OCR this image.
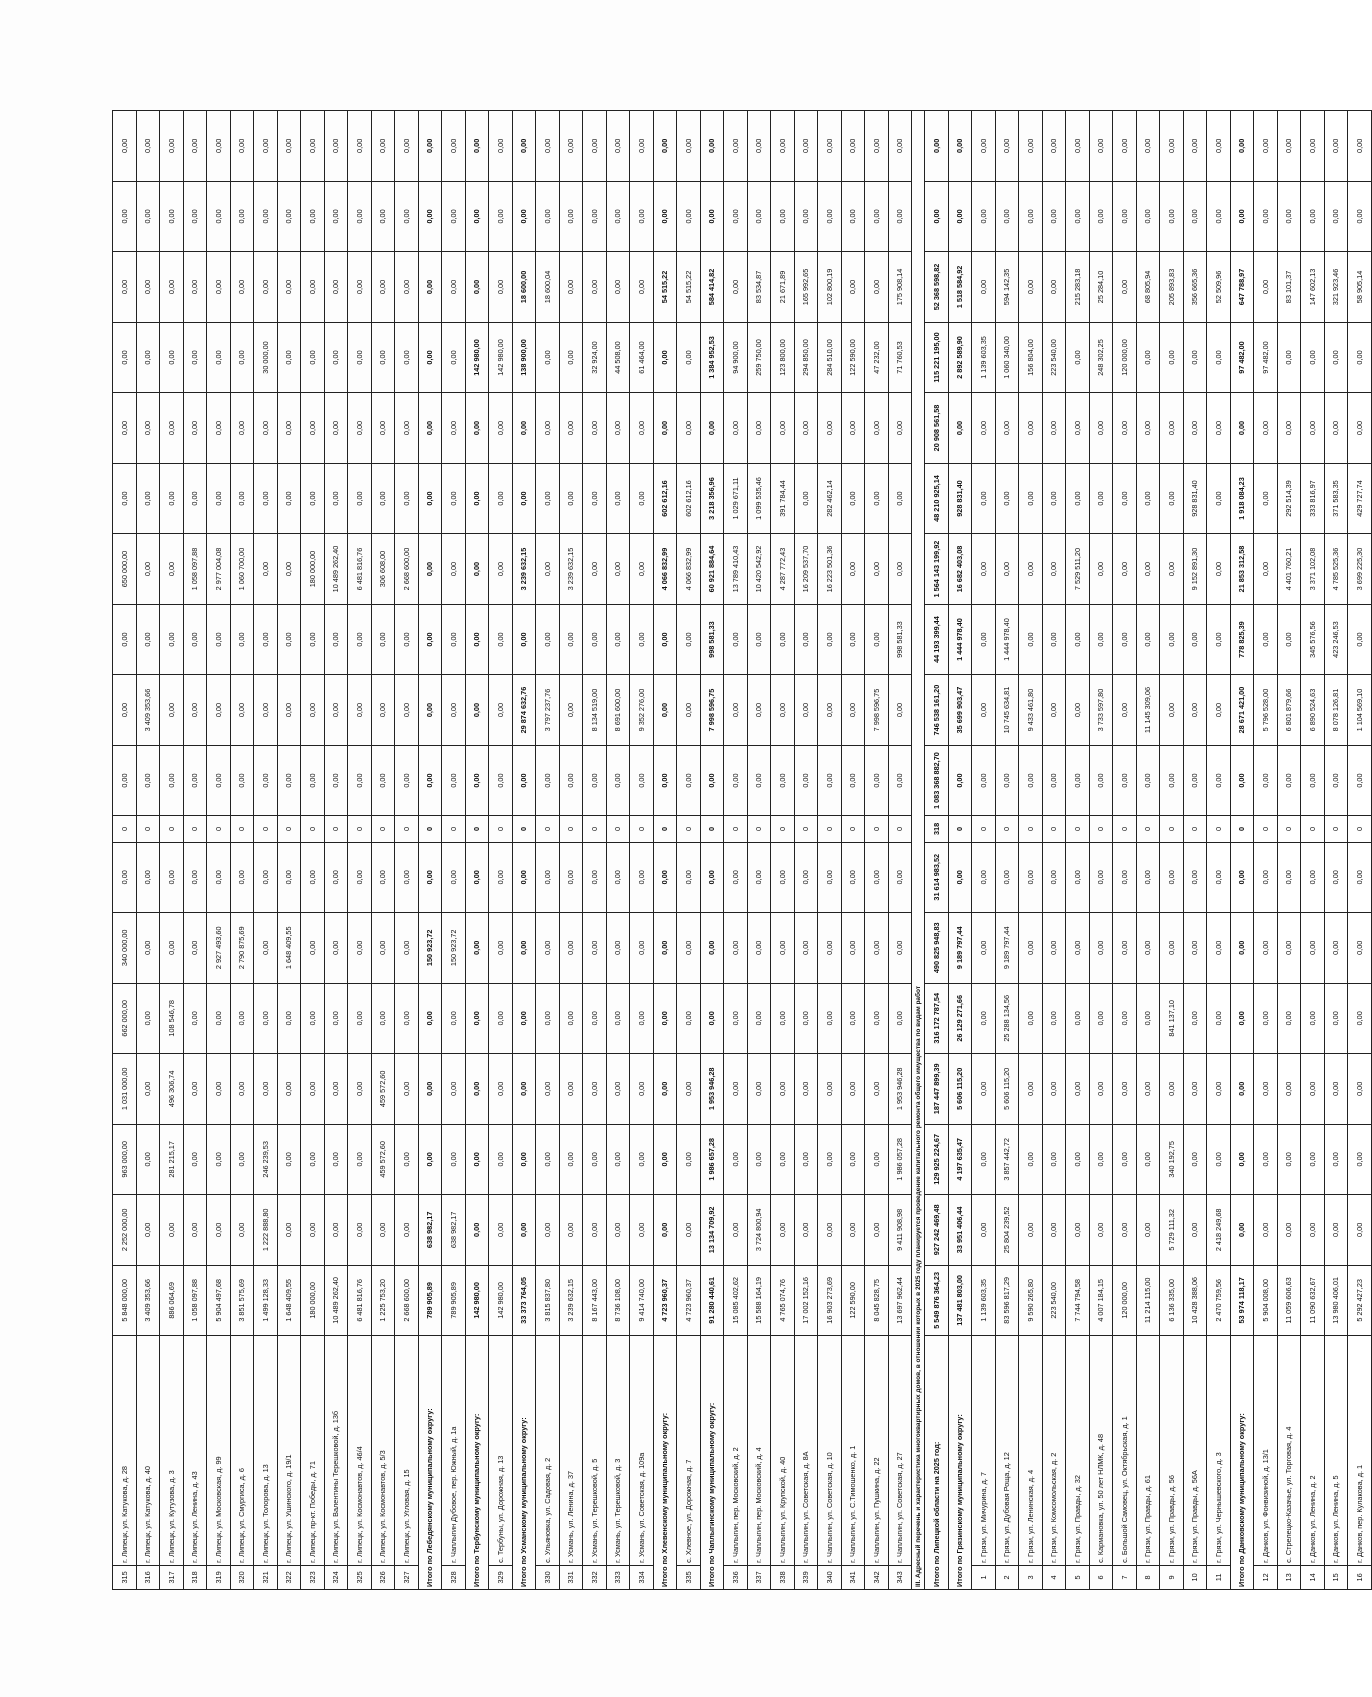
315	г. Липецк, ул. Катукова, д. 28	5 848 000,00	2 252 000,00	963 000,00	1 031 000,00	662 000,00	340 000,00	0,00	0	0,00	0,00	0,00	650 000,00	0,00	0,00	0,00	0,00	0,00	0,00
316	г. Липецк, ул. Катукова, д. 40	3 409 353,66	0,00	0,00	0,00	0,00	0,00	0,00	0	0,00	3 409 353,66	0,00	0,00	0,00	0,00	0,00	0,00	0,00	0,00
317	г. Липецк, ул. Кутузова, д. 3	886 064,69	0,00	281 215,17	496 306,74	108 546,78	0,00	0,00	0	0,00	0,00	0,00	0,00	0,00	0,00	0,00	0,00	0,00	0,00
318	г. Липецк, ул. Ленина, д. 43	1 058 097,88	0,00	0,00	0,00	0,00	0,00	0,00	0	0,00	0,00	0,00	1 058 097,88	0,00	0,00	0,00	0,00	0,00	0,00
319	г. Липецк, ул. Московская, д. 99	5 904 497,68	0,00	0,00	0,00	0,00	2 927 493,60	0,00	0	0,00	0,00	0,00	2 977 004,08	0,00	0,00	0,00	0,00	0,00	0,00
320	г. Липецк, ул. Смургиса, д. 6	3 851 575,69	0,00	0,00	0,00	0,00	2 790 875,69	0,00	0	0,00	0,00	0,00	1 060 700,00	0,00	0,00	0,00	0,00	0,00	0,00
321	г. Липецк, ул. Толорова, д. 13	1 499 128,33	1 222 888,80	246 239,53	0,00	0,00	0,00	0,00	0	0,00	0,00	0,00	0,00	0,00	0,00	30 000,00	0,00	0,00	0,00
322	г. Липецк, ул. Ушинского, д. 19/1	1 648 409,55	0,00	0,00	0,00	0,00	1 648 409,55	0,00	0	0,00	0,00	0,00	0,00	0,00	0,00	0,00	0,00	0,00	0,00
323	г. Липецк, пр-кт. Победы, д. 71	180 000,00	0,00	0,00	0,00	0,00	0,00	0,00	0	0,00	0,00	0,00	180 000,00	0,00	0,00	0,00	0,00	0,00	0,00
324	г. Липецк, ул. Валентины Терешковой, д. 13б	10 489 262,40	0,00	0,00	0,00	0,00	0,00	0,00	0	0,00	0,00	0,00	10 489 262,40	0,00	0,00	0,00	0,00	0,00	0,00
325	г. Липецк, ул. Космонавтов, д. 46/4	6 481 816,76	0,00	0,00	0,00	0,00	0,00	0,00	0	0,00	0,00	0,00	6 481 816,76	0,00	0,00	0,00	0,00	0,00	0,00
326	г. Липецк, ул. Космонавтов, д. 5/3	1 225 753,20	0,00	459 572,60	459 572,60	0,00	0,00	0,00	0	0,00	0,00	0,00	306 608,00	0,00	0,00	0,00	0,00	0,00	0,00
327	г. Липецк, ул. Угловая, д. 15	2 668 600,00	0,00	0,00	0,00	0,00	0,00	0,00	0	0,00	0,00	0,00	2 668 600,00	0,00	0,00	0,00	0,00	0,00	0,00
Итого по Лебедянскому муниципальному округу:		789 905,89	638 982,17	0,00	0,00	0,00	150 923,72	0,00	0	0,00	0,00	0,00	0,00	0,00	0,00	0,00	0,00	0,00	0,00
328	г. Чаплыгин Дубовое, пер. Южный, д. 1а	789 905,89	638 982,17	0,00	0,00	0,00	150 923,72	0,00	0	0,00	0,00	0,00	0,00	0,00	0,00	0,00	0,00	0,00	0,00
Итого по Тербунскому муниципальному округу:		142 980,00	0,00	0,00	0,00	0,00	0,00	0,00	0	0,00	0,00	0,00	0,00	0,00	0,00	142 980,00	0,00	0,00	0,00
329	с. Тербуны, ул. Дорожная, д. 13	142 980,00	0,00	0,00	0,00	0,00	0,00	0,00	0	0,00	0,00	0,00	0,00	0,00	0,00	142 980,00	0,00	0,00	0,00
Итого по Усманскому муниципальному округу:		33 373 764,05	0,00	0,00	0,00	0,00	0,00	0,00	0	0,00	29 874 632,76	0,00	3 239 632,15	0,00	0,00	138 900,00	18 600,00	0,00	0,00
330	с. Ульяновка, ул. Садовая, д. 2	3 815 837,80	0,00	0,00	0,00	0,00	0,00	0,00	0	0,00	3 797 237,76	0,00	0,00	0,00	0,00	0,00	18 600,04	0,00	0,00
331	г. Усмань, ул. Ленина, д. 37	3 239 632,15	0,00	0,00	0,00	0,00	0,00	0,00	0	0,00	0,00	0,00	3 239 632,15	0,00	0,00	0,00	0,00	0,00	0,00
332	г. Усмань, ул. Терешковой, д. 5	8 167 443,00	0,00	0,00	0,00	0,00	0,00	0,00	0	0,00	8 134 519,00	0,00	0,00	0,00	0,00	32 924,00	0,00	0,00	0,00
333	г. Усмань, ул. Терешковой, д. 3	8 736 108,00	0,00	0,00	0,00	0,00	0,00	0,00	0	0,00	8 691 600,00	0,00	0,00	0,00	0,00	44 508,00	0,00	0,00	0,00
334	г. Усмань, ул. Советская, д. 109а	9 414 740,00	0,00	0,00	0,00	0,00	0,00	0,00	0	0,00	9 352 276,00	0,00	0,00	0,00	0,00	61 464,00	0,00	0,00	0,00
Итого по Хлевенскому муниципальному округу:		4 723 960,37	0,00	0,00	0,00	0,00	0,00	0,00	0	0,00	0,00	0,00	4 066 832,99	602 612,16	0,00	0,00	54 515,22	0,00	0,00
335	с. Хлевное, ул. Дорожная, д. 7	4 723 960,37	0,00	0,00	0,00	0,00	0,00	0,00	0	0,00	0,00	0,00	4 066 832,99	602 612,16	0,00	0,00	54 515,22	0,00	0,00
Итого по Чаплыгинскому муниципальному округу:		91 280 440,61	13 134 709,92	1 986 657,28	1 953 946,28	0,00	0,00	0,00	0	0,00	7 998 596,75	998 581,33	60 921 884,64	3 218 356,96	0,00	1 384 952,53	584 414,82	0,00	0,00
336	г. Чаплыгин, пер. Московский, д. 2	15 085 402,62	0,00	0,00	0,00	0,00	0,00	0,00	0	0,00	0,00	0,00	13 789 410,43	1 029 671,11	0,00	94 900,00	0,00	0,00	0,00
337	г. Чаплыгин, пер. Московский, д. 4	15 588 164,19	3 724 800,94	0,00	0,00	0,00	0,00	0,00	0	0,00	0,00	0,00	10 420 542,92	1 099 535,46	0,00	259 750,00	83 534,87	0,00	0,00
338	г. Чаплыгин, ул. Крупской, д. 40	4 765 074,76	0,00	0,00	0,00	0,00	0,00	0,00	0	0,00	0,00	0,00	4 287 772,43	391 784,44	0,00	123 800,00	21 671,89	0,00	0,00
339	г. Чаплыгин, ул. Советская, д. 8А	17 002 152,16	0,00	0,00	0,00	0,00	0,00	0,00	0	0,00	0,00	0,00	16 209 537,70	0,00	0,00	294 850,00	165 992,65	0,00	0,00
340	г. Чаплыгин, ул. Советская, д. 10	16 903 273,69	0,00	0,00	0,00	0,00	0,00	0,00	0	0,00	0,00	0,00	16 223 501,36	282 462,14	0,00	284 510,00	102 800,19	0,00	0,00
341	г. Чаплыгин, ул. С.Тимошенко, д. 1	122 590,00	0,00	0,00	0,00	0,00	0,00	0,00	0	0,00	0,00	0,00	0,00	0,00	0,00	122 590,00	0,00	0,00	0,00
342	г. Чаплыгин, ул. Пушкина, д. 22	8 045 828,75	0,00	0,00	0,00	0,00	0,00	0,00	0	0,00	7 998 596,75	0,00	0,00	0,00	0,00	47 232,00	0,00	0,00	0,00
343	г. Чаплыгин, ул. Советская, д. 27	13 697 962,44	9 411 908,98	1 986 057,28	1 953 946,28	0,00	0,00	0,00	0	0,00	0,00	998 581,33	0,00	0,00	0,00	71 760,53	175 908,14	0,00	0,00
III. Адресный перечень и характеристика многоквартирных домов, в отношении которых в 2025 году планируется проведение капитального ремонта общего имущества по видам работ																			
Итого по Липецкой области на 2025 год:		5 549 876 364,23	927 242 469,48	129 925 224,67	187 447 899,39	316 172 787,54	490 825 948,83	31 614 983,52	318	1 083 368 882,70	746 538 161,20	44 193 399,44	1 564 143 199,92	48 210 925,14	20 908 561,58	115 221 195,00	52 368 598,82	0,00	0,00
Итого по Грязинскому муниципальному округу:		137 481 803,00	33 951 406,44	4 197 635,47	5 606 115,20	26 129 271,66	9 189 797,44	0,00	0	0,00	35 699 903,47	1 444 978,40	16 682 403,08	928 831,40	0,00	2 892 589,90	1 518 584,92	0,00	0,00
1	г. Грязи, ул. Мичурина, д. 7	1 139 603,35	0,00	0,00	0,00	0,00	0,00	0,00	0	0,00	0,00	0,00	0,00	0,00	0,00	1 139 603,35	0,00	0,00	0,00
2	г. Грязи, ул. Дубовая Роща, д. 12	83 596 817,29	25 804 239,52	3 857 442,72	5 606 115,20	25 288 134,56	9 189 797,44	0,00	0	0,00	10 745 634,81	1 444 978,40	0,00	0,00	0,00	1 060 340,00	594 142,35	0,00	0,00
3	г. Грязи, ул. Ленинская, д. 4	9 590 265,80	0,00	0,00	0,00	0,00	0,00	0,00	0	0,00	9 433 461,80	0,00	0,00	0,00	0,00	156 804,00	0,00	0,00	0,00
4	г. Грязи, ул. Комсомольская, д. 2	223 540,00	0,00	0,00	0,00	0,00	0,00	0,00	0	0,00	0,00	0,00	0,00	0,00	0,00	223 540,00	0,00	0,00	0,00
5	г. Грязи, ул. Правды, д. 32	7 744 794,58	0,00	0,00	0,00	0,00	0,00	0,00	0	0,00	0,00	0,00	7 529 511,20	0,00	0,00	0,00	215 283,18	0,00	0,00
6	с. Кармановка, ул. 50 лет НЛМК, д. 48	4 007 184,15	0,00	0,00	0,00	0,00	0,00	0,00	0	0,00	3 733 597,80	0,00	0,00	0,00	0,00	248 302,25	25 284,10	0,00	0,00
7	с. Большой Самовец, ул. Октябрьская, д. 1	120 000,00	0,00	0,00	0,00	0,00	0,00	0,00	0	0,00	0,00	0,00	0,00	0,00	0,00	120 000,00	0,00	0,00	0,00
8	г. Грязи, ул. Правды, д. 61	11 214 115,00	0,00	0,00	0,00	0,00	0,00	0,00	0	0,00	11 145 309,06	0,00	0,00	0,00	0,00	0,00	68 805,94	0,00	0,00
9	г. Грязи, ул. Правды, д. 56	6 136 335,00	5 729 111,32	340 192,75	0,00	841 137,10	0,00	0,00	0	0,00	0,00	0,00	0,00	0,00	0,00	0,00	205 893,83	0,00	0,00
10	г. Грязи, ул. Правды, д. 56А	10 428 388,06	0,00	0,00	0,00	0,00	0,00	0,00	0	0,00	0,00	0,00	9 152 891,30	928 831,40	0,00	0,00	356 665,36	0,00	0,00
11	г. Грязи, ул. Чернышевского, д. 3	2 470 759,56	2 418 249,68	0,00	0,00	0,00	0,00	0,00	0	0,00	0,00	0,00	0,00	0,00	0,00	0,00	52 509,96	0,00	0,00
Итого по Данковскому муниципальному округу:		53 974 118,17	0,00	0,00	0,00	0,00	0,00	0,00	0	0,00	28 671 421,00	778 825,39	21 853 312,58	1 918 084,23	0,00	97 482,00	647 788,97	0,00	0,00
12	г. Данков, ул. Фонвизиной, д. 13/1	5 904 008,00	0,00	0,00	0,00	0,00	0,00	0,00	0	0,00	5 796 528,00	0,00	0,00	0,00	0,00	97 482,00	0,00	0,00	0,00
13	с. Стрелецко-Казачье, ул. Торговая, д. 4	11 059 606,63	0,00	0,00	0,00	0,00	0,00	0,00	0	0,00	6 801 879,66	0,00	4 401 760,21	292 514,39	0,00	0,00	83 101,37	0,00	0,00
14	г. Данков, ул. Ленина, д. 2	11 090 632,67	0,00	0,00	0,00	0,00	0,00	0,00	0	0,00	6 890 524,63	345 576,56	3 371 102,08	333 816,97	0,00	0,00	147 602,13	0,00	0,00
15	г. Данков, ул. Ленина, д. 5	13 980 406,01	0,00	0,00	0,00	0,00	0,00	0,00	0	0,00	8 078 126,81	423 246,53	4 785 525,36	371 583,35	0,00	0,00	321 923,46	0,00	0,00
16	г. Данков, пер. Кулакова, д. 1	5 292 427,23	0,00	0,00	0,00	0,00	0,00	0,00	0	0,00	1 104 569,10	0,00	3 699 225,30	429 727,74	0,00	0,00	58 905,14	0,00	0,00
